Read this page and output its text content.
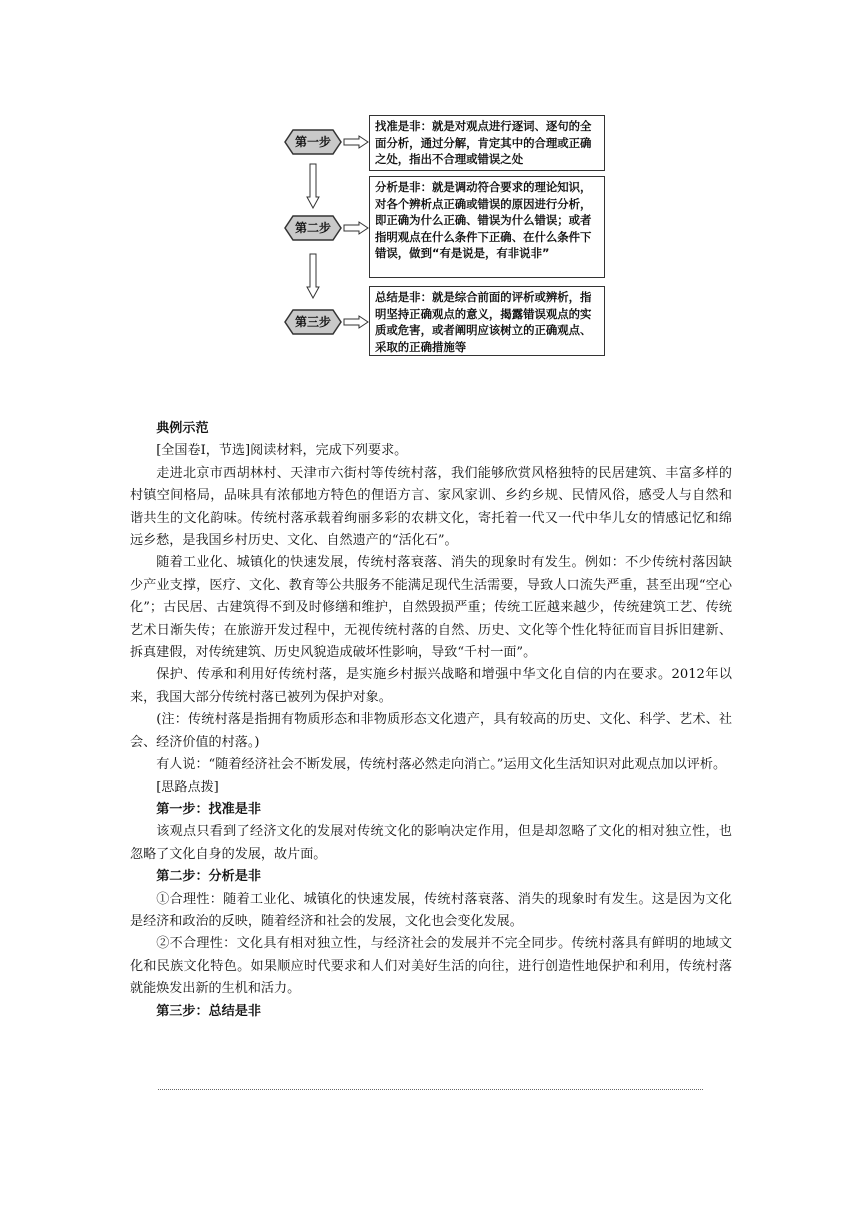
第一步
找准是非：就是对观点进行逐词、逐句的全面分析，通过分解，肯定其中的合理或正确之处，指出不合理或错误之处
第二步
分析是非：就是调动符合要求的理论知识，对各个辨析点正确或错误的原因进行分析，即正确为什么正确、错误为什么错误；或者指明观点在什么条件下正确、在什么条件下错误，做到“有是说是，有非说非”
第三步
总结是非：就是综合前面的评析或辨析，指明坚持正确观点的意义，揭露错误观点的实质或危害，或者阐明应该树立的正确观点、采取的正确措施等

典例示范

[全国卷Ⅰ，节选]阅读材料，完成下列要求。

走进北京市西胡林村、天津市六街村等传统村落，我们能够欣赏风格独特的民居建筑、丰富多样的村镇空间格局，品味具有浓郁地方特色的俚语方言、家风家训、乡约乡规、民情风俗，感受人与自然和谐共生的文化韵味。传统村落承载着绚丽多彩的农耕文化，寄托着一代又一代中华儿女的情感记忆和绵远乡愁，是我国乡村历史、文化、自然遗产的“活化石”。

随着工业化、城镇化的快速发展，传统村落衰落、消失的现象时有发生。例如：不少传统村落因缺少产业支撑，医疗、文化、教育等公共服务不能满足现代生活需要，导致人口流失严重，甚至出现“空心化”；古民居、古建筑得不到及时修缮和维护，自然毁损严重；传统工匠越来越少，传统建筑工艺、传统艺术日渐失传；在旅游开发过程中，无视传统村落的自然、历史、文化等个性化特征而盲目拆旧建新、拆真建假，对传统建筑、历史风貌造成破坏性影响，导致“千村一面”。

保护、传承和利用好传统村落，是实施乡村振兴战略和增强中华文化自信的内在要求。2012年以来，我国大部分传统村落已被列为保护对象。

(注：传统村落是指拥有物质形态和非物质形态文化遗产，具有较高的历史、文化、科学、艺术、社会、经济价值的村落。)

有人说：“随着经济社会不断发展，传统村落必然走向消亡。”运用文化生活知识对此观点加以评析。

[思路点拨]

第一步：找准是非

该观点只看到了经济文化的发展对传统文化的影响决定作用，但是却忽略了文化的相对独立性，也忽略了文化自身的发展，故片面。

第二步：分析是非

①合理性：随着工业化、城镇化的快速发展，传统村落衰落、消失的现象时有发生。这是因为文化是经济和政治的反映，随着经济和社会的发展，文化也会变化发展。

②不合理性：文化具有相对独立性，与经济社会的发展并不完全同步。传统村落具有鲜明的地域文化和民族文化特色。如果顺应时代要求和人们对美好生活的向往，进行创造性地保护和利用，传统村落就能焕发出新的生机和活力。

第三步：总结是非
